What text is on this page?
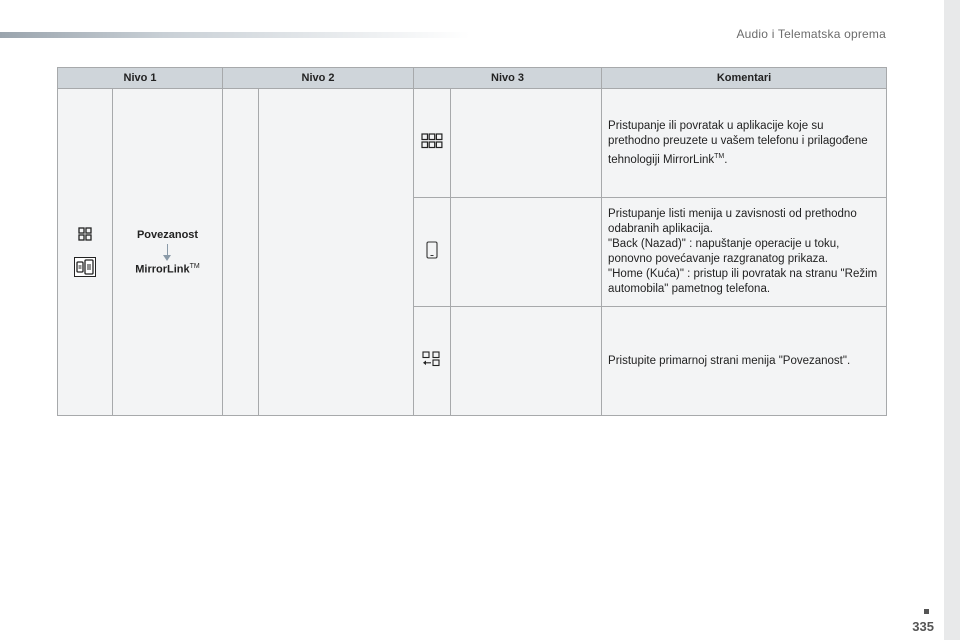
Audio i Telematska oprema
Nivo 1		Nivo 2		Nivo 3		Komentari

Povezanost
MirrorLink™					Pristupanje ili povratak u aplikacije koje su prethodno preuzete u vašem telefonu i prilagođene tehnologiji MirrorLink™.

Pristupanje listi menija u zavisnosti od prethodno odabranih aplikacija.
"Back (Nazad)" : napuštanje operacije u toku, ponovno povećavanje razgranatog prikaza.
"Home (Kuća)" : pristup ili povratak na stranu "Režim automobila" pametnog telefona.

		Pristupite primarnoj strani menija "Povezanost".
335
